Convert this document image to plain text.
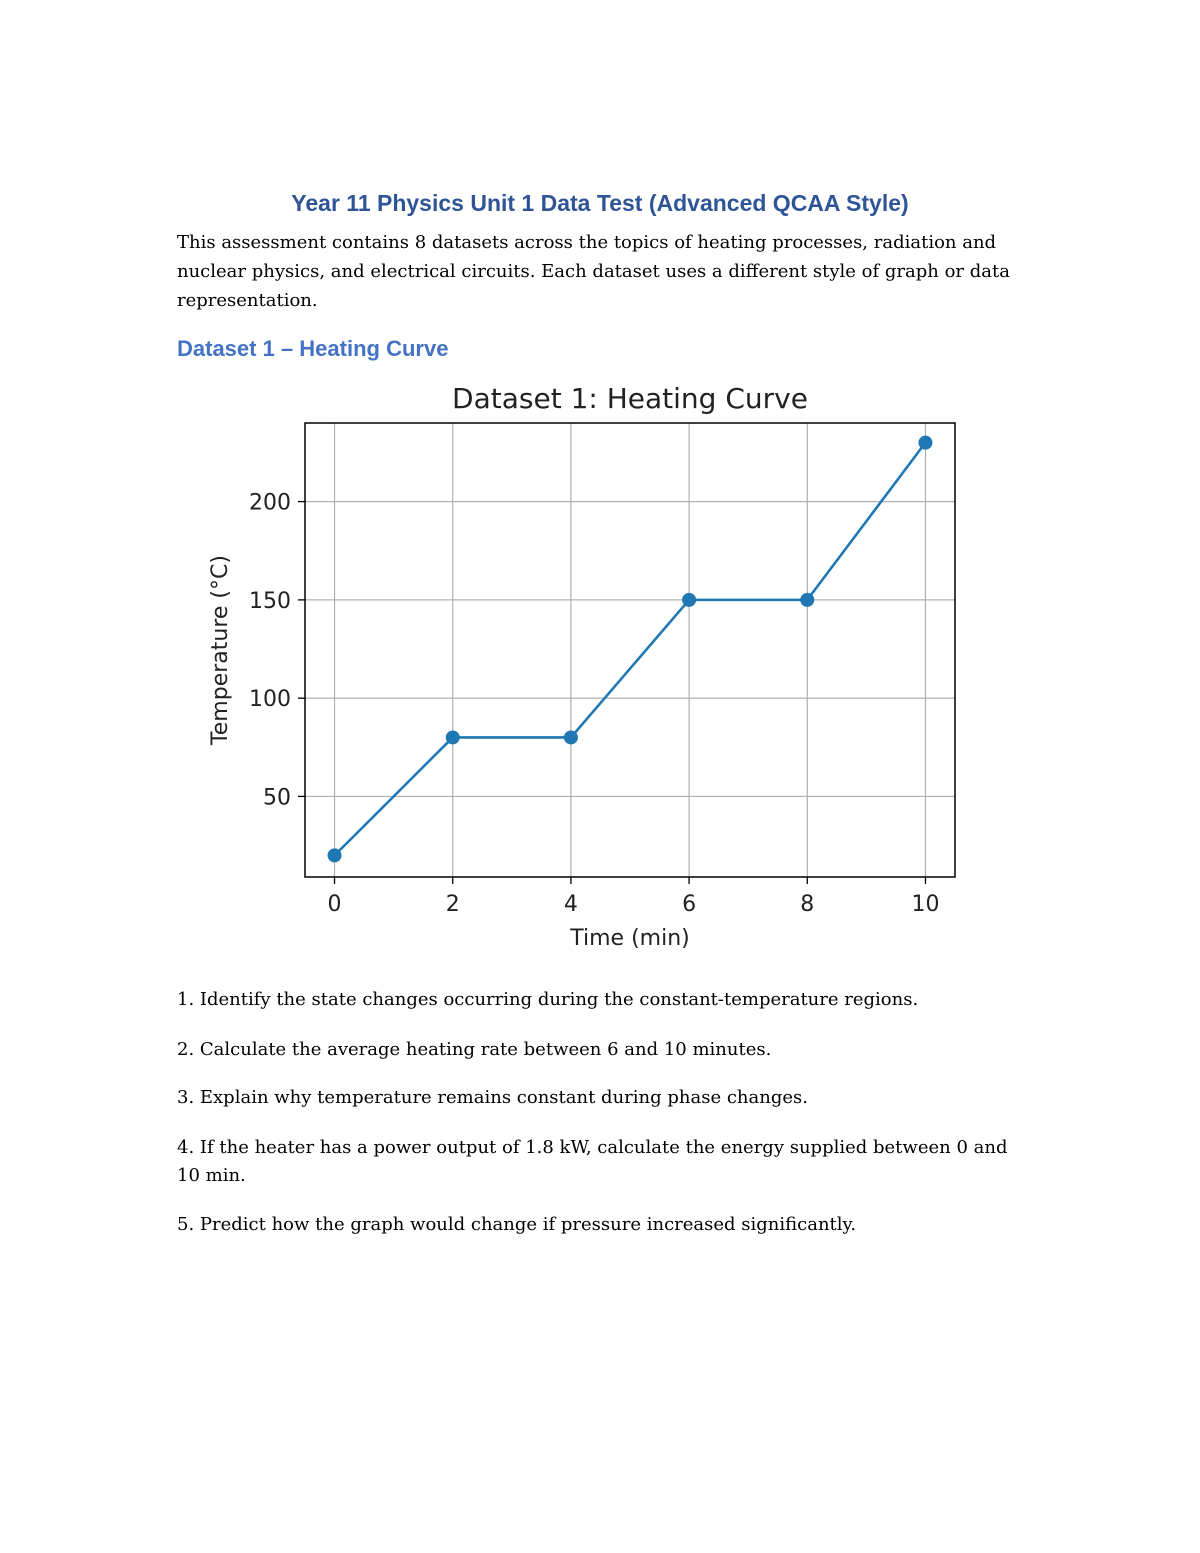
Year 11 Physics Unit 1 Data Test (Advanced QCAA Style)

This assessment contains 8 datasets across the topics of heating processes, radiation and nuclear physics, and electrical circuits. Each dataset uses a different style of graph or data representation.

Dataset 1 – Heating Curve
0	2	4	6	8	10
50
100
150
200
Dataset 1: Heating Curve
Time (min)
Temperature (°C)

1. Identify the state changes occurring during the constant-temperature regions.

2. Calculate the average heating rate between 6 and 10 minutes.

3. Explain why temperature remains constant during phase changes.

4. If the heater has a power output of 1.8 kW, calculate the energy supplied between 0 and 10 min.

5. Predict how the graph would change if pressure increased significantly.
